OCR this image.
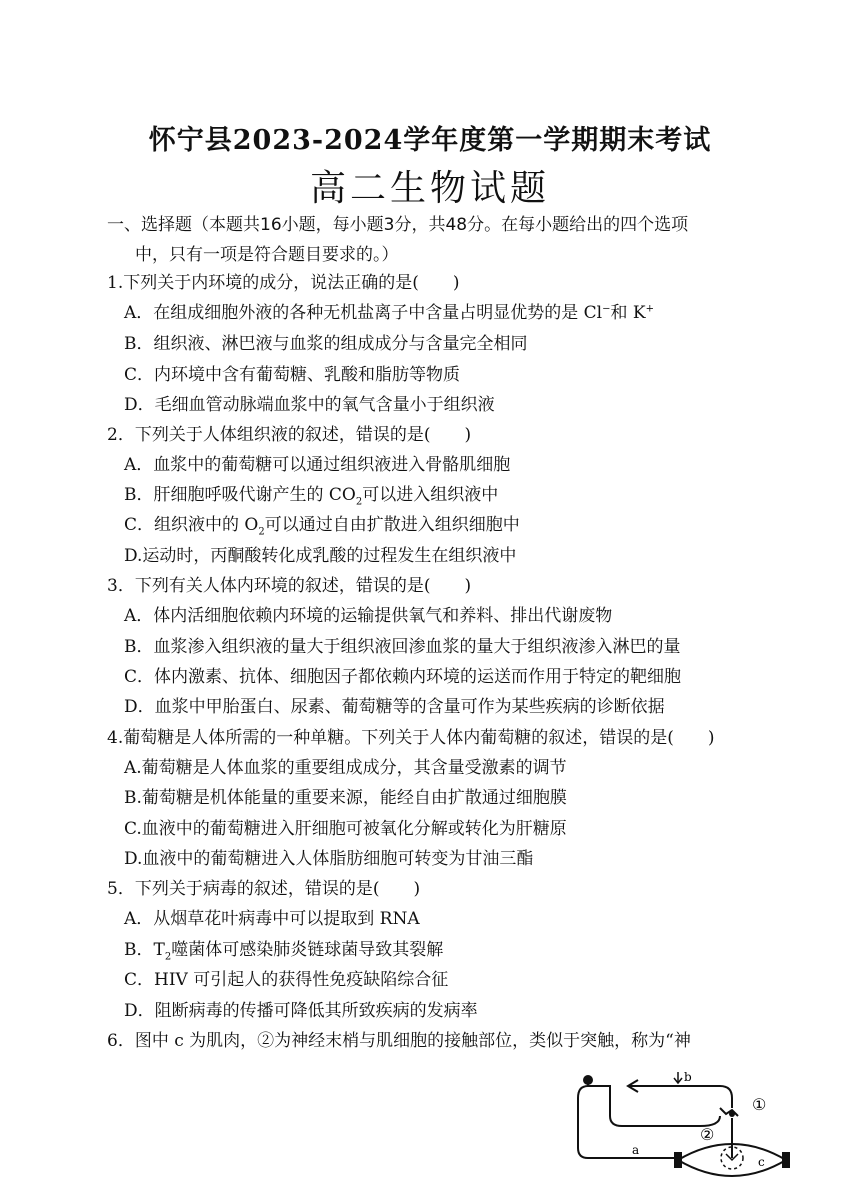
怀宁县2023-2024学年度第一学期期末考试
高二生物试题
一、选择题（本题共16小题，每小题3分，共48分。在每小题给出的四个选项
中，只有一项是符合题目要求的。）
1.下列关于内环境的成分，说法正确的是(　　)
A．在组成细胞外液的各种无机盐离子中含量占明显优势的是 Cl−和 K+
B．组织液、淋巴液与血浆的组成成分与含量完全相同
C．内环境中含有葡萄糖、乳酸和脂肪等物质
D．毛细血管动脉端血浆中的氧气含量小于组织液
2．下列关于人体组织液的叙述，错误的是(　　)
A．血浆中的葡萄糖可以通过组织液进入骨骼肌细胞
B．肝细胞呼吸代谢产生的 $CO_2$可以进入组织液中
C．组织液中的 $O_2$可以通过自由扩散进入组织细胞中
D.运动时，丙酮酸转化成乳酸的过程发生在组织液中
3．下列有关人体内环境的叙述，错误的是(　　)
A．体内活细胞依赖内环境的运输提供氧气和养料、排出代谢废物
B．血浆渗入组织液的量大于组织液回渗血浆的量大于组织液渗入淋巴的量
C．体内激素、抗体、细胞因子都依赖内环境的运送而作用于特定的靶细胞
D．血浆中甲胎蛋白、尿素、葡萄糖等的含量可作为某些疾病的诊断依据
4.葡萄糖是人体所需的一种单糖。下列关于人体内葡萄糖的叙述，错误的是(　　)
A.葡萄糖是人体血浆的重要组成成分，其含量受激素的调节
B.葡萄糖是机体能量的重要来源，能经自由扩散通过细胞膜
C.血液中的葡萄糖进入肝细胞可被氧化分解或转化为肝糖原
D.血液中的葡萄糖进入人体脂肪细胞可转变为甘油三酯
5．下列关于病毒的叙述，错误的是(　　)
A．从烟草花叶病毒中可以提取到 RNA
B．$T_2$噬菌体可感染肺炎链球菌导致其裂解
C．HIV 可引起人的获得性免疫缺陷综合征
D．阻断病毒的传播可降低其所致疾病的发病率
6．图中 c 为肌肉，②为神经末梢与肌细胞的接触部位，类似于突触，称为“神
b
①
②
a
c
